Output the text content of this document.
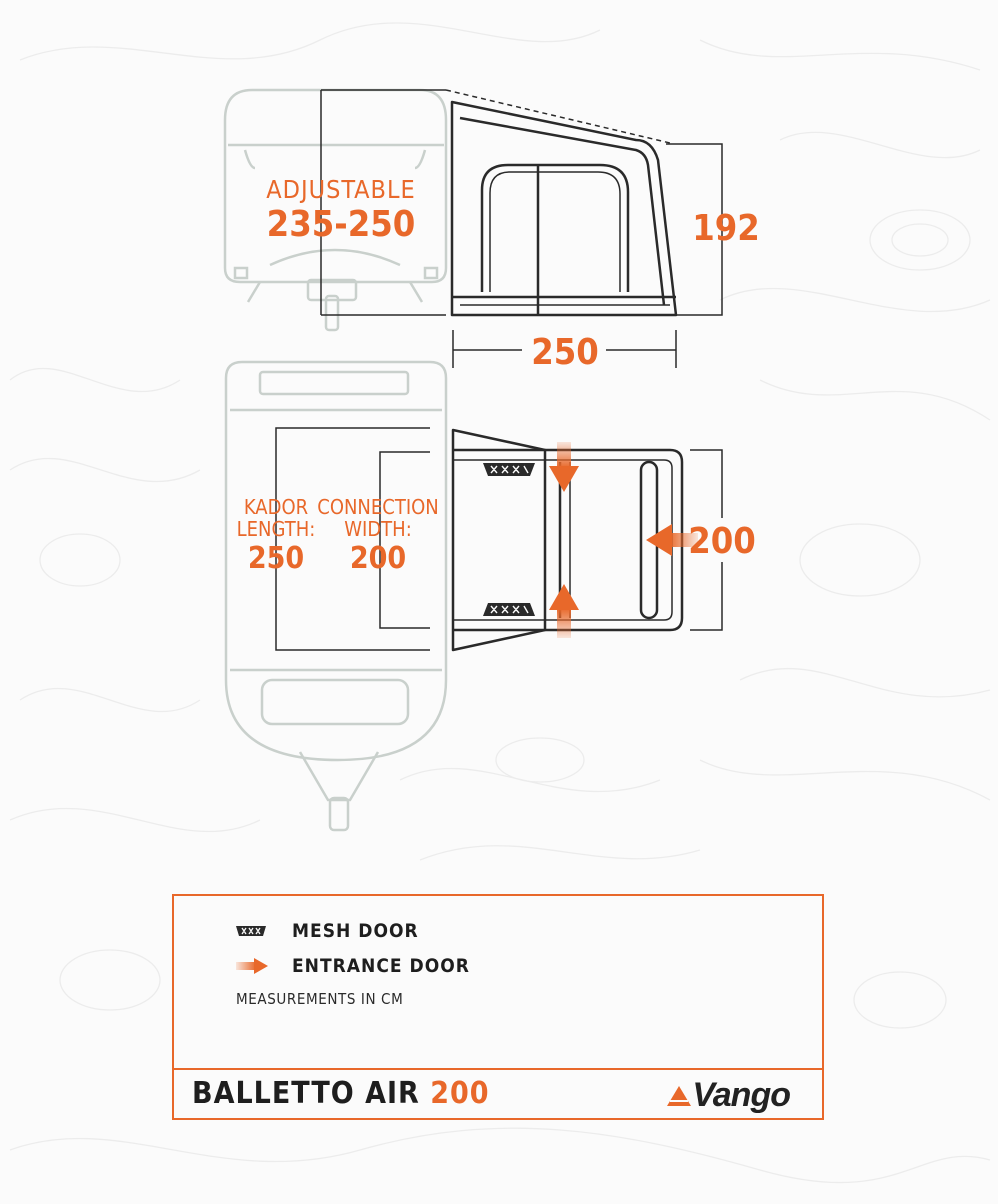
ADJUSTABLE
235-250	192
250
KADOR
LENGTH:
250
CONNECTION
WIDTH:
200	200
MESH DOOR
ENTRANCE DOOR
MEASUREMENTS IN CM
BALLETTO AIR 200	Vango
